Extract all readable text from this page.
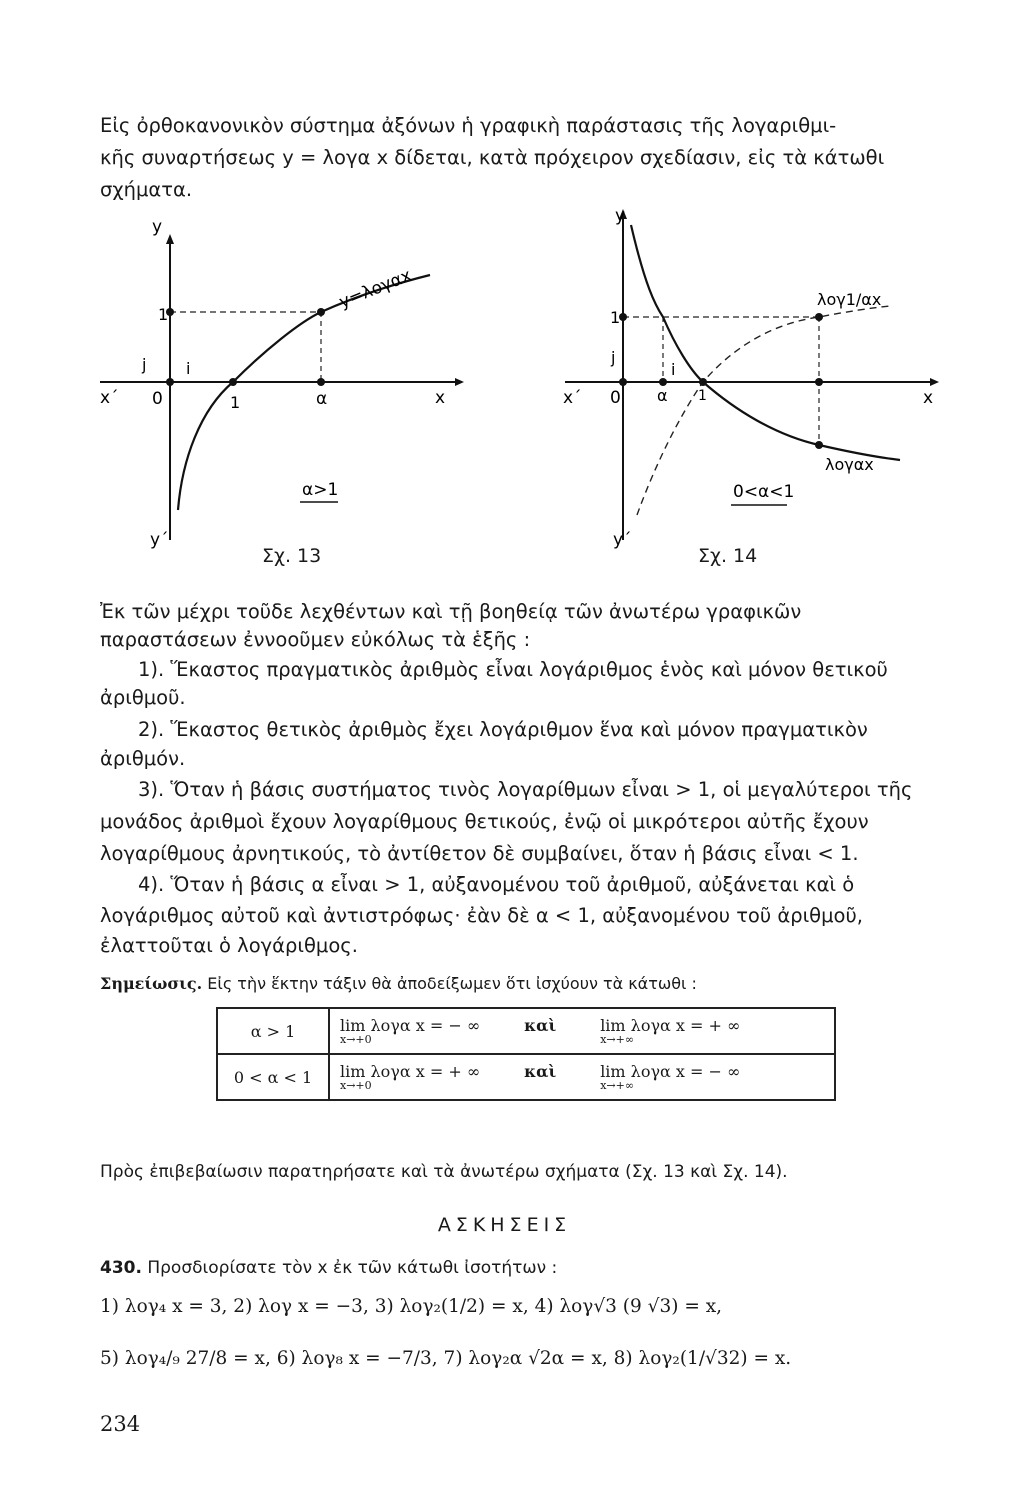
Εἰς ὀρθοκανονικὸν σύστημα ἀξόνων ἡ γραφικὴ παράστασις τῆς λογαριθμι-
κῆς συναρτήσεως y = λογα x δίδεται, κατὰ πρόχειρον σχεδίασιν, εἰς τὰ κάτωθι
σχήματα.
y
y΄
x
x΄ 0
1
1	α
j i
y=λογαx
α>1
Σχ. 13
y
y΄
x
x΄ 0
1
1
α
j
i
λογ1/αx
λογαx
0<α<1
Σχ. 14
Ἐκ τῶν μέχρι τοῦδε λεχθέντων καὶ τῇ βοηθείᾳ τῶν ἀνωτέρω γραφικῶν
παραστάσεων ἐννοοῦμεν εὐκόλως τὰ ἑξῆς :
1). Ἕκαστος πραγματικὸς ἀριθμὸς εἶναι λογάριθμος ἑνὸς καὶ μόνον θετικοῦ
ἀριθμοῦ.
2). Ἕκαστος θετικὸς ἀριθμὸς ἔχει λογάριθμον ἕνα καὶ μόνον πραγματικὸν
ἀριθμόν.
3). Ὅταν ἡ βάσις συστήματος τινὸς λογαρίθμων εἶναι > 1, οἱ μεγαλύτεροι τῆς
μονάδος ἀριθμοὶ ἔχουν λογαρίθμους θετικούς, ἐνῷ οἱ μικρότεροι αὐτῆς ἔχουν
λογαρίθμους ἀρνητικούς, τὸ ἀντίθετον δὲ συμβαίνει, ὅταν ἡ βάσις εἶναι < 1.
4). Ὅταν ἡ βάσις α εἶναι > 1, αὐξανομένου τοῦ ἀριθμοῦ, αὐξάνεται καὶ ὁ
λογάριθμος αὐτοῦ καὶ ἀντιστρόφως· ἐὰν δὲ α < 1, αὐξανομένου τοῦ ἀριθμοῦ,
ἐλαττοῦται ὁ λογάριθμος.
Σημείωσις. Εἰς τὴν ἕκτην τάξιν θὰ ἀποδείξωμεν ὅτι ἰσχύουν τὰ κάτωθι :
α > 1	lim λογα x = − ∞
x→+0
καὶ lim λογα x = + ∞
x→+∞

0 < α < 1	lim λογα x = + ∞
x→+0
καὶ lim λογα x = − ∞
x→+∞
Πρὸς ἐπιβεβαίωσιν παρατηρήσατε καὶ τὰ ἀνωτέρω σχήματα (Σχ. 13 καὶ Σχ. 14).
ΑΣΚΗΣΕΙΣ
430. Προσδιορίσατε τὸν x ἐκ τῶν κάτωθι ἰσοτήτων :
1) λογ₄ x = 3, 2) λογ x = −3, 3) λογ₂(1/2) = x, 4) λογ√3 (9 √3) = x,
5) λογ₄/₉ 27/8 = x, 6) λογ₈ x = −7/3, 7) λογ₂α √2α = x, 8) λογ₂(1/√32) = x.
234
